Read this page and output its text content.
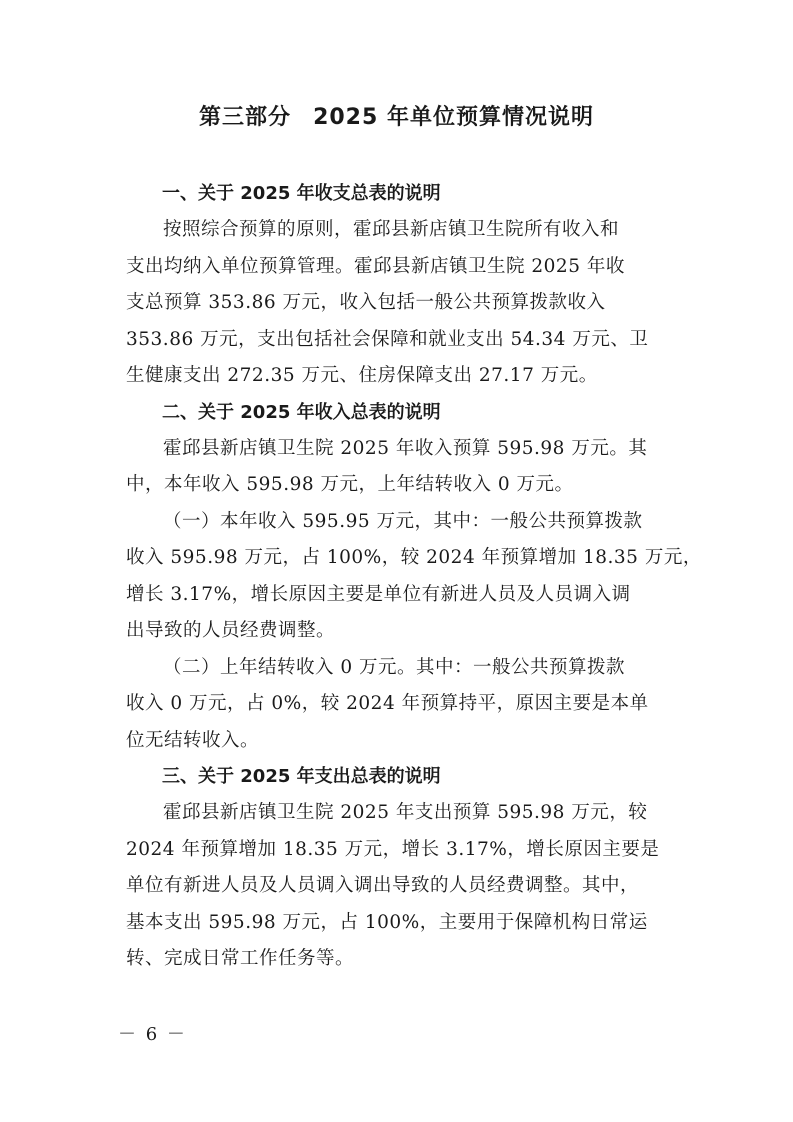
第三部分 2025 年单位预算情况说明
一、关于 2025 年收支总表的说明

按照综合预算的原则，霍邱县新店镇卫生院所有收入和
支出均纳入单位预算管理。霍邱县新店镇卫生院 2025 年收
支总预算 353.86 万元，收入包括一般公共预算拨款收入
353.86 万元，支出包括社会保障和就业支出 54.34 万元、卫
生健康支出 272.35 万元、住房保障支出 27.17 万元。

二、关于 2025 年收入总表的说明

霍邱县新店镇卫生院 2025 年收入预算 595.98 万元。其
中，本年收入 595.98 万元，上年结转收入 0 万元。

（一）本年收入 595.95 万元，其中：一般公共预算拨款
收入 595.98 万元，占 100%，较 2024 年预算增加 18.35 万元，
增长 3.17%，增长原因主要是单位有新进人员及人员调入调
出导致的人员经费调整。

（二）上年结转收入 0 万元。其中：一般公共预算拨款
收入 0 万元，占 0%，较 2024 年预算持平，原因主要是本单
位无结转收入。

三、关于 2025 年支出总表的说明

霍邱县新店镇卫生院 2025 年支出预算 595.98 万元，较
2024 年预算增加 18.35 万元，增长 3.17%，增长原因主要是
单位有新进人员及人员调入调出导致的人员经费调整。其中，
基本支出 595.98 万元，占 100%，主要用于保障机构日常运
转、完成日常工作任务等。

－ 6 －
